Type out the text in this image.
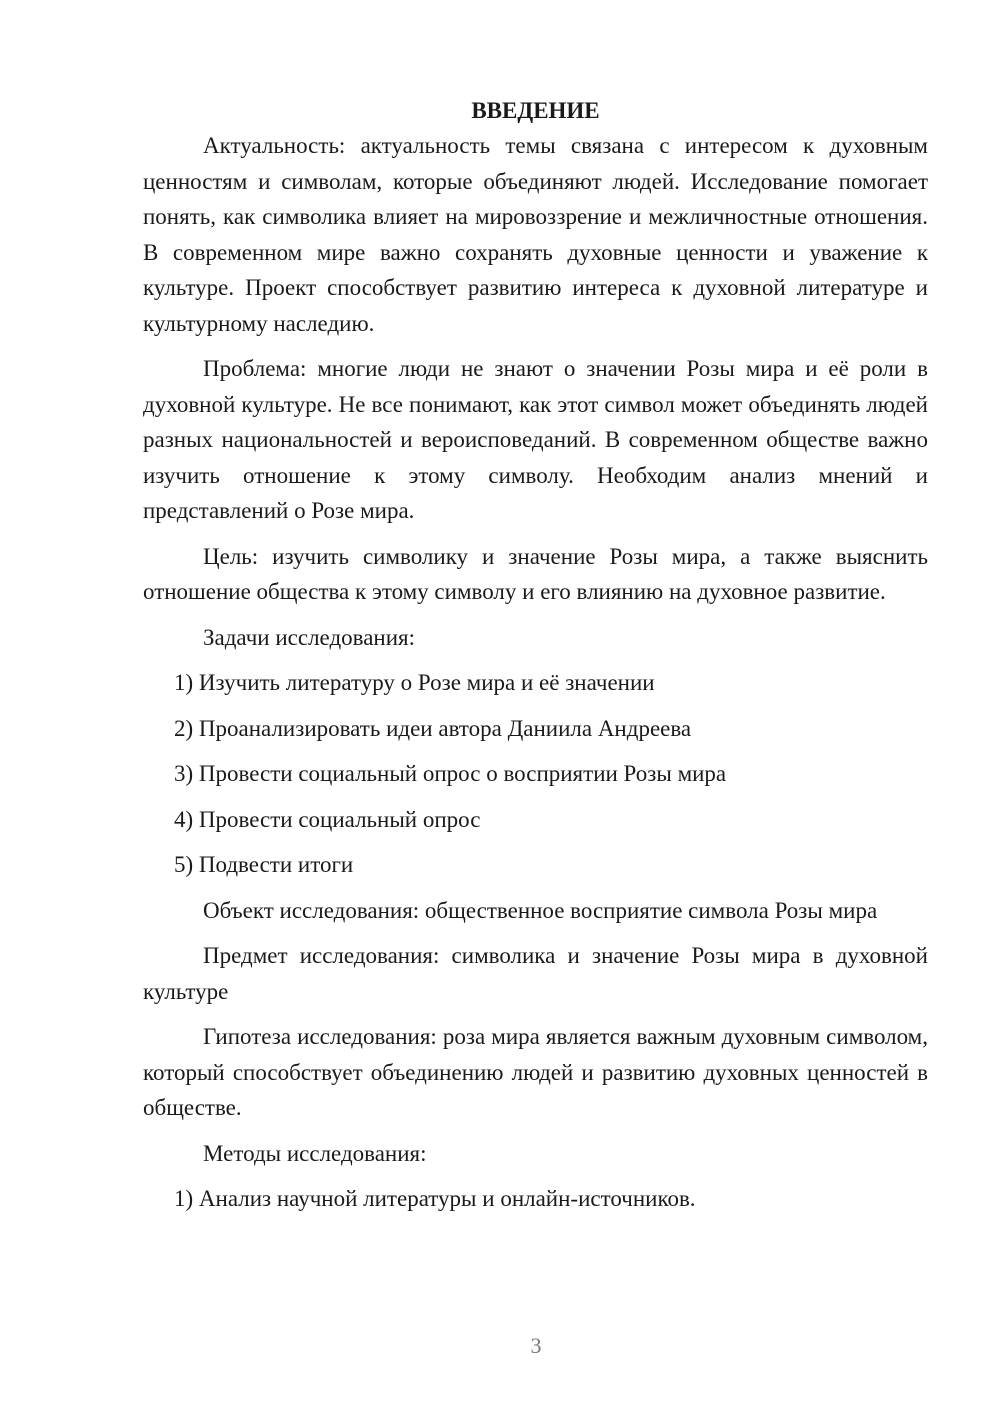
ВВЕДЕНИЕ

Актуальность: актуальность темы связана с интересом к духовным ценностям и символам, которые объединяют людей. Исследование помогает понять, как символика влияет на мировоззрение и межличностные отношения. В современном мире важно сохранять духовные ценности и уважение к культуре. Проект способствует развитию интереса к духовной литературе и культурному наследию.

Проблема: многие люди не знают о значении Розы мира и её роли в духовной культуре. Не все понимают, как этот символ может объединять людей разных национальностей и вероисповеданий. В современном обществе важно изучить отношение к этому символу. Необходим анализ мнений и представлений о Розе мира.

Цель: изучить символику и значение Розы мира, а также выяснить отношение общества к этому символу и его влиянию на духовное развитие.

Задачи исследования:

1) Изучить литературу о Розе мира и её значении

2) Проанализировать идеи автора Даниила Андреева

3) Провести социальный опрос о восприятии Розы мира

4) Провести социальный опрос

5) Подвести итоги

Объект исследования: общественное восприятие символа Розы мира

Предмет исследования: символика и значение Розы мира в духовной культуре

Гипотеза исследования: роза мира является важным духовным символом, который способствует объединению людей и развитию духовных ценностей в обществе.

Методы исследования:

1) Анализ научной литературы и онлайн-источников.

3
